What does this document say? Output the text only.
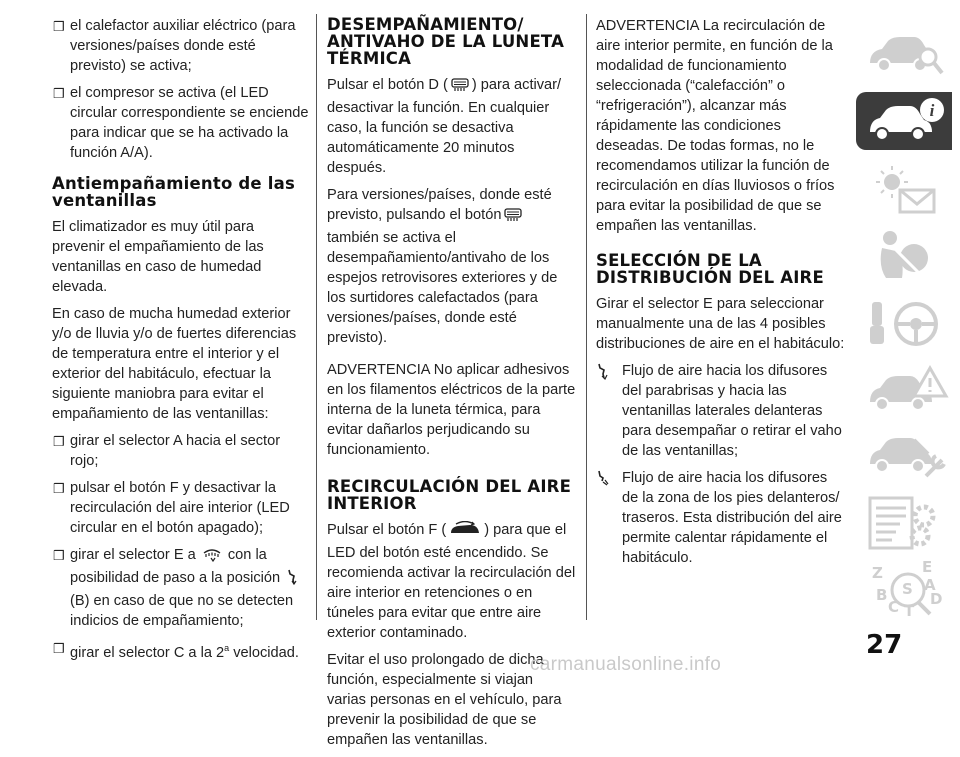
❒ el calefactor auxiliar eléctrico (para versiones/países donde esté previsto) se activa;
❒ el compresor se activa (el LED circular correspondiente se enciende para indicar que se ha activado la función A/A).
Antiempañamiento de las ventanillas

El climatizador es muy útil para prevenir el empañamiento de las ventanillas en caso de humedad elevada.

En caso de mucha humedad exterior y/o de lluvia y/o de fuertes diferencias de temperatura entre el interior y el exterior del habitáculo, efectuar la siguiente maniobra para evitar el empañamiento de las ventanillas:

❒ girar el selector A hacia el sector rojo;
❒ pulsar el botón F y desactivar la recirculación del aire interior (LED circular en el botón apagado);
❒ girar el selector E a con la posibilidad de paso a la posición  (B) en caso de que no se detecten indicios de empañamiento;
❒ girar el selector C a la 2$^a$ velocidad.
DESEMPAÑAMIENTO/ ANTIVAHO DE LA LUNETA TÉRMICA

Pulsar el botón D ( ) para activar/ desactivar la función. En cualquier caso, la función se desactiva automáticamente 20 minutos después.

Para versiones/países, donde esté previsto, pulsando el botóntambién se activa el desempañamiento/antivaho de los espejos retrovisores exteriores y de los surtidores calefactados (para versiones/países, donde esté previsto).

ADVERTENCIA No aplicar adhesivos en los filamentos eléctricos de la parte interna de la luneta térmica, para evitar dañarlos perjudicando su funcionamiento.

RECIRCULACIÓN DEL AIRE INTERIOR

Pulsar el botón F (	) para que el LED del botón esté encendido. Se recomienda activar la recirculación del aire interior en retenciones o en túneles para evitar que entre aire exterior contaminado.

Evitar el uso prolongado de dicha función, especialmente si viajan varias personas en el vehículo, para prevenir la posibilidad de que se empañen las ventanillas.

ADVERTENCIA La recirculación de aire interior permite, en función de la modalidad de funcionamiento seleccionada (“calefacción” o “refrigeración”), alcanzar más rápidamente las condiciones deseadas. De todas formas, no le recomendamos utilizar la función de recirculación en días lluviosos o fríos para evitar la posibilidad de que se empañen las ventanillas.

SELECCIÓN DE LA DISTRIBUCIÓN DEL AIRE

Girar el selector E para seleccionar manualmente una de las 4 posibles distribuciones de aire en el habitáculo:

Flujo de aire hacia los difusores del parabrisas y hacia las ventanillas laterales delanteras para desempañar o retirar el vaho de las ventanillas;
Flujo de aire hacia los difusores de la zona de los pies delanteros/ traseros. Esta distribución del aire permite calentar rápidamente el habitáculo.
i
Z	E
S A
B
C T
D
27
carmanualsonline.info
